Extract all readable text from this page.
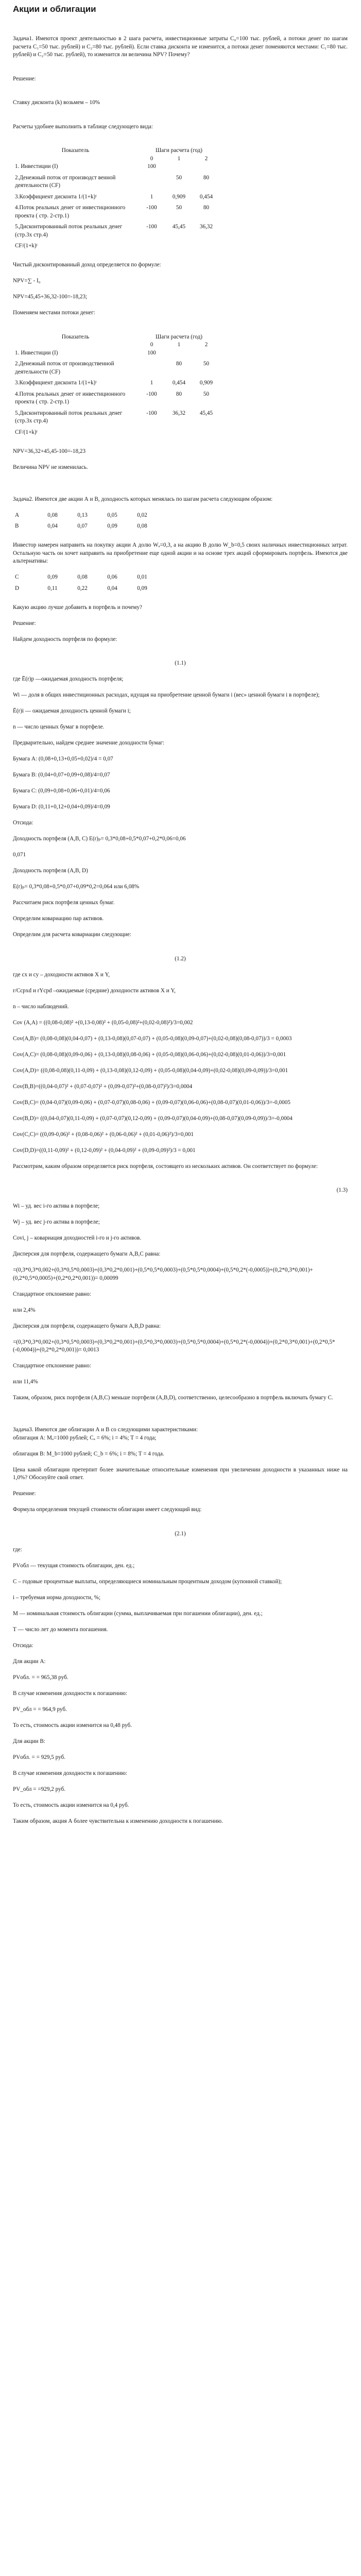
Акции и облигации
Задача1. Имеются проект деятельностью в 2 шага расчета, инвестиционные затраты С₀=100 тыс. рублей, а потоки денег по шагам расчета С₁=50 тыс. рублей) и С₂=80 тыс. рублей). Если ставка дисконта не изменится, а потоки денег поменяются местами: С₁=80 тыс. рублей) и С₂=50 тыс. рублей), то изменится ли величина NPV? Почему?
Решение:
Ставку дисконта (k) возьмем – 10%
Расчеты удобнее выполнить в таблице следующего вида:
Показатель	Шаги расчета (год)		
	0	1	2
1. Инвестиции (I)	100		

2.Денежный поток от производст венной деятельности (CF)		50	80

3.Коэффициент дисконта 1/(1+k)ᵗ	1	0,909	0,454

4.Поток реальных денег от инвестиционного проекта ( стр. 2-стр.1)	-100	50	80

5.Дисконтированный поток реальных денег (стр.3х стр.4)	-100	45,45	36,32

CF/(1+k)ᵗ			

Чистый дисконтированный доход определяется по формуле:
NPV=∑ - I₀
NPV=45,45+36,32-100=-18,23;
Поменяем местами потоки денег:
Показатель	Шаги расчета (год)		
	0	1	2
1. Инвестиции (I)	100		

2.Денежный поток от производственной деятельности (CF)		80	50

3.Коэффициент дисконта 1/(1+k)ᵗ	1	0,454	0,909

4.Поток реальных денег от инвестиционного проекта ( стр. 2-стр.1)	-100	80	50

5.Дисконтированный поток реальных денег (стр.3х стр.4)	-100	36,32	45,45

CF/(1+k)ᵗ			

NPV=36,32+45,45-100=-18,23
Величина NPV не изменилась.
Задача2. Имеются две акции А и В, доходность которых менялась по шагам расчета следующим образом:
А	0,08	0,13	0,05	0,02

В	0,04	0,07	0,09	0,08

Инвестор намерен направить на покупку акции А долю Wₐ=0,3, а на акцию В долю W_b=0,5 своих наличных инвестиционных затрат. Остальную часть он хочет направить на приобретение еще одной акции и на основе трех акций сформировать портфель. Имеются две альтернативы:
С	0,09	0,08	0,06	0,01

D	0,11	0,22	0,04	0,09

Какую акцию лучше добавить в портфель и почему?
Решение:
Найдем доходность портфеля по формуле:
(1.1)
где Ē(r)p —ожидаемая доходность портфеля;
Wi — доля в общих инвестиционных расходах, идущая на приобретение ценной бумаги i (вес» ценной бумаги i в портфеле);
Ē(r)i — ожидаемая доходность ценной бумаги i;
n — число ценных бумаг в портфеле.
Предварительно, найдем среднее значение доходности бумаг:
Бумага А: (0,08+0,13+0,05+0,02)/4 = 0,07
Бумага В: (0,04+0,07+0,09+0,08)/4=0,07
Бумага С: (0,09+0,08+0,06+0,01)/4=0,06
Бумага D: (0,11+0,12+0,04+0,09)/4=0,09
Отсюда:
Доходность портфеля (А,В, С) E(r)ₚ= 0,3*0,08+0,5*0,07+0,2*0,06=0,06
0,071
Доходность портфеля (А,В, D)
E(r)ₚ= 0,3*0,08+0,5*0,07+0,09*0,2=0,064 или 6,08%
Рассчитаем риск портфеля ценных бумаг.
Определим ковариацию пар активов.
Определим для расчета ковариации следующие:
(1.2)
где cx и cy – доходности активов Х и Y,
r/Ccpxd и rYcpd –ожидаемые (средние) доходности активов Х и Y,
n – число наблюдений.
Cov (A,A) = ((0,08-0,08)² +(0,13-0,08)² + (0,05-0,08)²+(0,02-0,08)²)/3=0,002
Cov(A,B)= (0,08-0,08)(0,04-0,07) + (0,13-0,08)(0,07-0,07) + (0,05-0,08)(0,09-0,07)+(0,02-0,08)(0,08-0,07))/3 = 0,0003
Cov(A,C)= (0,08-0,08)(0,09-0,06) + (0,13-0,08)(0,08-0,06) + (0,05-0,08)(0,06-0,06)+(0,02-0,08)(0,01-0,06))/3=0,001
Cov(A,D)= ((0,08-0,08)(0,11-0,09) + (0,13-0,08)(0,12-0,09) + (0,05-0,08)(0,04-0,09)+(0,02-0,08)(0,09-0,09))/3=0,001
Cov(B,B)=((0,04-0,07)² + (0,07-0,07)² + (0,09-0,07)²+(0,08-0,07)²)/3=0,0004
Cov(B,C)= (0,04-0,07)(0,09-0,06) + (0,07-0,07)(0,08-0,06) + (0,09-0,07)(0,06-0,06)+(0,08-0,07)(0,01-0,06))/3=-0,0005
Cov(B,D)= ((0,04-0,07)(0,11-0,09) + (0,07-0,07)(0,12-0,09) + (0,09-0,07)(0,04-0,09)+(0,08-0,07)(0,09-0,09))/3=-0,0004
Cov(C,C)= ((0,09-0,06)² + (0,08-0,06)² + (0,06-0,06)² + (0,01-0,06)²)/3=0,001
Cov(D,D)=((0,11-0,09)² + (0,12-0,09)² + (0,04-0,09)² + (0,09-0,09)²)/3 = 0,001
Рассмотрим, каким образом определяется риск портфеля, состоящего из нескольких активов. Он соответствует по формуле:
(1.3)
Wi – уд. вес i-го актива в портфеле;
Wj – уд. вес j-го актива в портфеле;
Covi, j – ковариация доходностей i-го и j-го активов.
Дисперсия для портфеля, содержащего бумаги A,B,С равна:
=(0,3*0,3*0,002+(0,3*0,5*0,0003)+(0,3*0,2*0,001)+(0,5*0,5*0,0003)+(0,5*0,5*0,0004)+(0,5*0,2*(-0,0005))+(0,2*0,3*0,001)+(0,2*0,5*0,0005)+(0,2*0,2*0,001))= 0,00099
Стандартное отклонение равно:
или 2,4%
Дисперсия для портфеля, содержащего бумаги A,B,D равна:
=(0,3*0,3*0,002+(0,3*0,5*0,0003)+(0,3*0,2*0,001)+(0,5*0,3*0,0003)+(0,5*0,5*0,0004)+(0,5*0,2*(-0,0004))+(0,2*0,3*0,001)+(0,2*0,5*(-0,0004))+(0,2*0,2*0,001))= 0,0013
Стандартное отклонение равно:
или 11,4%
Таким, образом, риск портфеля (A,B,C) меньше портфеля (A,B,D), соответственно, целесообразно в портфель включать бумагу С.
Задача3. Имеются две облигации А и В со следующими характеристиками:
облигация А: Мₐ=1000 рублей; Cₐ = 6%; i = 4%; T = 4 года;
облигация В: М_b=1000 рублей; C_b = 6%; i = 8%; T = 4 года.
Цена какой облигации претерпит более значительные относительные изменения при увеличении доходности в указанных ниже на 1,0%? Обоснуйте свой ответ.
Решение:
Формула определения текущей стоимости облигации имеет следующий вид:
(2.1)
где:
PVобл — текущая стоимость облигации, ден. ед.;
С – годовые процентные выплаты, определяющиеся номинальным процентным доходом (купонной ставкой);
i – требуемая норма доходности, %;
M — номинальная стоимость облигации (сумма, выплачиваемая при погашении облигации), ден. ед.;
Т — число лет до момента погашения.
Отсюда:
Для акции А:
PVобл. = = 965,38 руб.
В случае изменения доходности к погашению:
PV_обл = = 964,9 руб.
То есть, стоимость акции изменится на 0,48 руб.
Для акции В:
PVобл. = = 929,5 руб.
В случае изменения доходности к погашению:
PV_обл = =929,2 руб.
То есть, стоимость акции изменится на 0,4 руб.
Таким образом, акция А более чувствительна к изменению доходности к погашению.
